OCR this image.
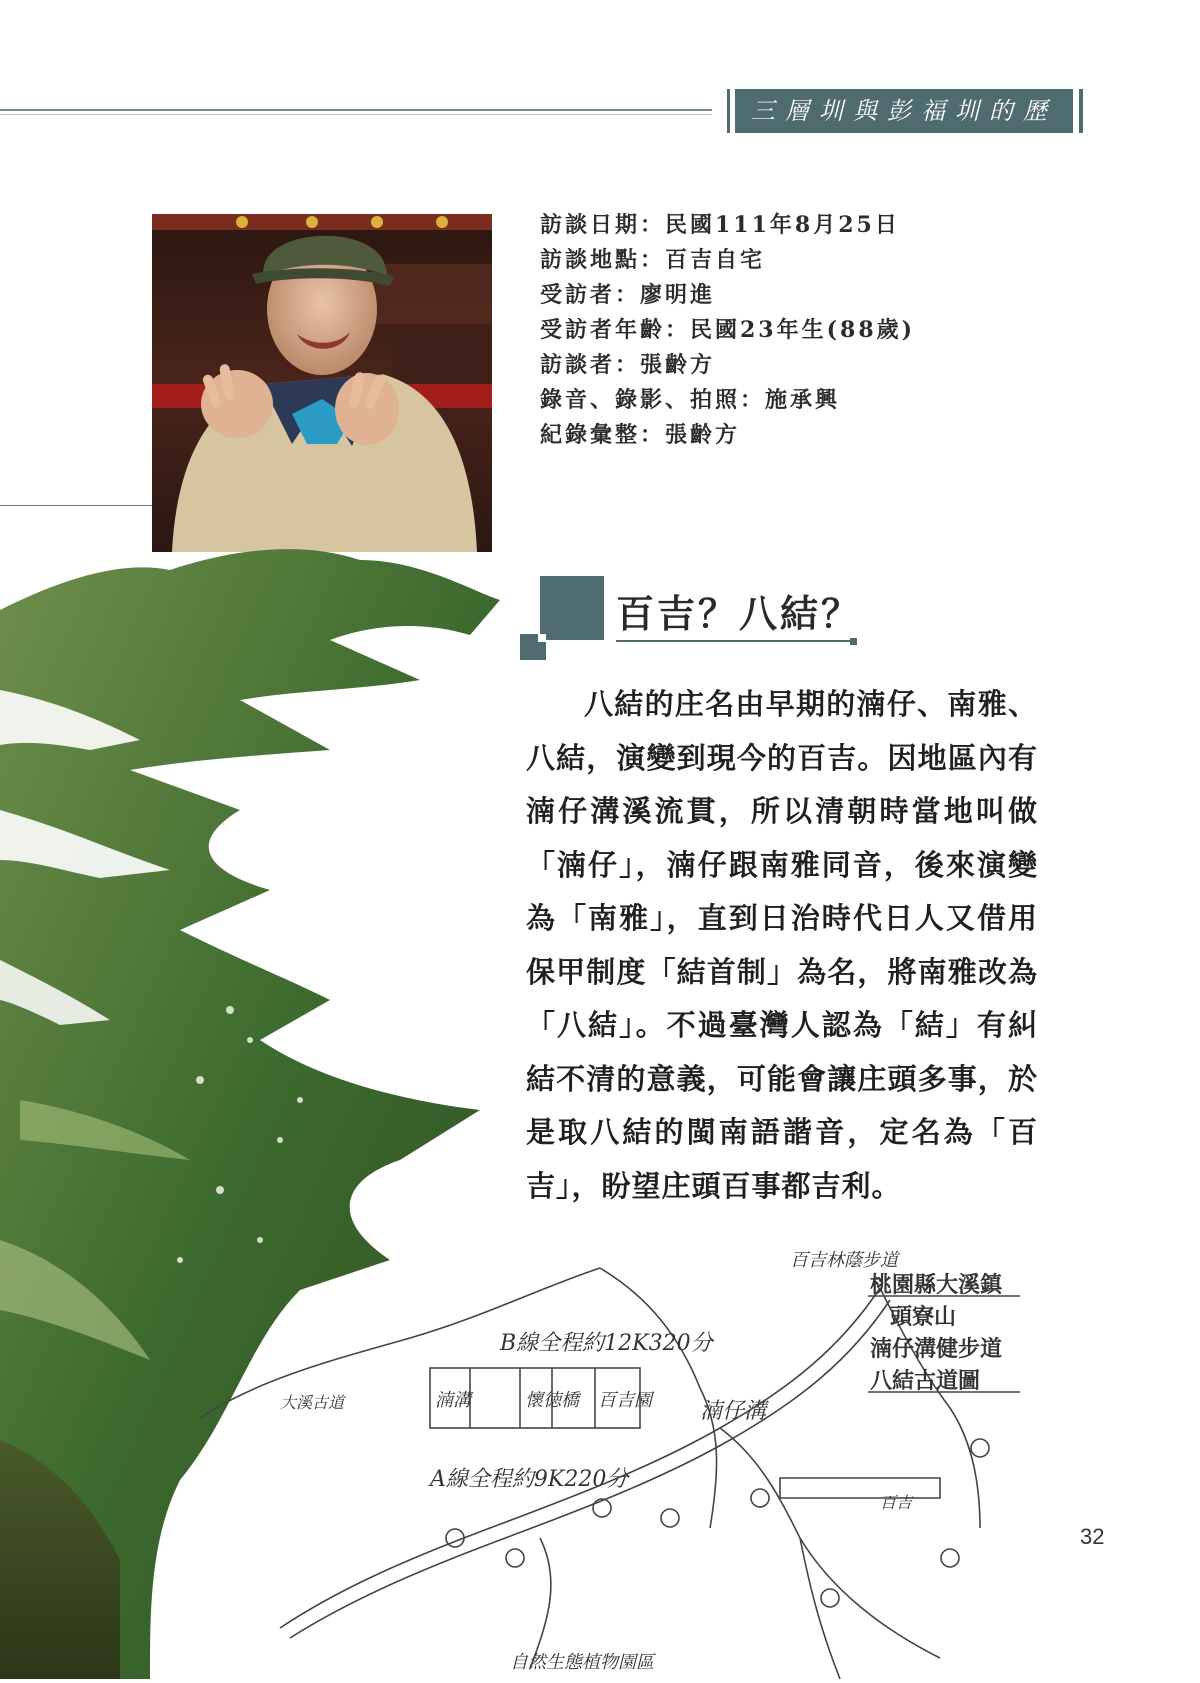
三層圳與彭福圳的歷史
訪談日期：民國111年8月25日
訪談地點：百吉自宅
受訪者：廖明進
受訪者年齡：民國23年生(88歲)
訪談者：張齡方
錄音、錄影、拍照：施承興
紀錄彙整：張齡方
百吉？八結？

八結的庄名由早期的湳仔、南雅、八結，演變到現今的百吉。因地區內有湳仔溝溪流貫，所以清朝時當地叫做「湳仔」，湳仔跟南雅同音，後來演變為「南雅」，直到日治時代日人又借用保甲制度「結首制」為名，將南雅改為「八結」。不過臺灣人認為「結」有糾結不清的意義，可能會讓庄頭多事，於是取八結的閩南語諧音，定名為「百吉」，盼望庄頭百事都吉利。

B線全程約12K320分
A線全程約9K220分
湳溝	懷徳橋 百吉園
百吉林蔭步道
湳仔溝
自然生態植物園區
大溪古道
百吉
桃園縣大溪鎮
頭寮山
湳仔溝健步道
八結古道圖
32
